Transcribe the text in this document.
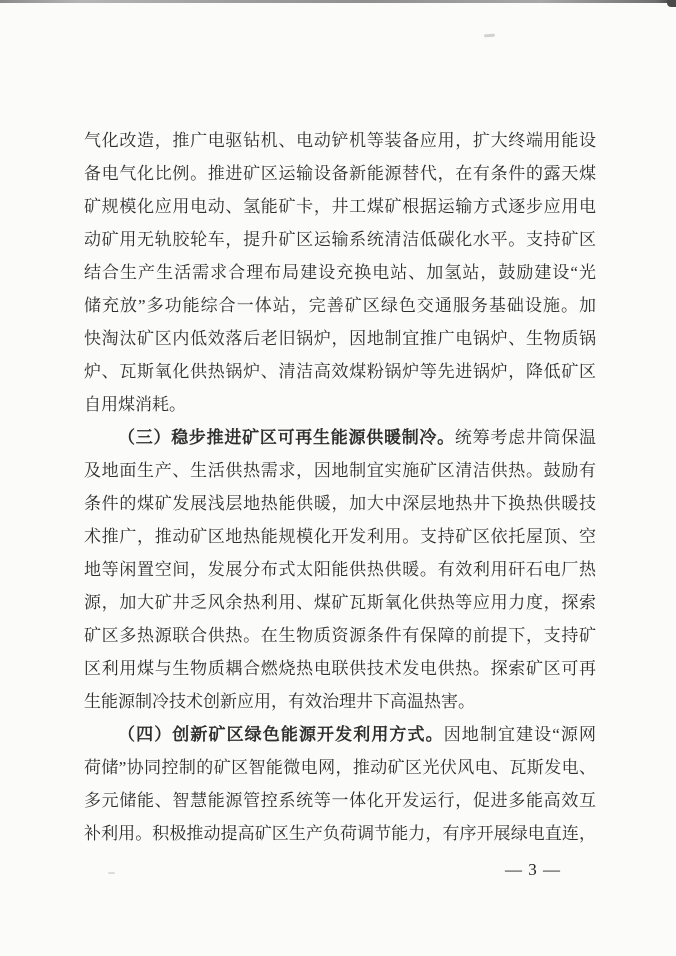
气化改造，推广电驱钻机、电动铲机等装备应用，扩大终端用能设
备电气化比例。推进矿区运输设备新能源替代，在有条件的露天煤
矿规模化应用电动、氢能矿卡，井工煤矿根据运输方式逐步应用电
动矿用无轨胶轮车，提升矿区运输系统清洁低碳化水平。支持矿区
结合生产生活需求合理布局建设充换电站、加氢站，鼓励建设“光
储充放”多功能综合一体站，完善矿区绿色交通服务基础设施。加
快淘汰矿区内低效落后老旧锅炉，因地制宜推广电锅炉、生物质锅
炉、瓦斯氧化供热锅炉、清洁高效煤粉锅炉等先进锅炉，降低矿区
自用煤消耗。
（三）稳步推进矿区可再生能源供暖制冷。统筹考虑井筒保温
及地面生产、生活供热需求，因地制宜实施矿区清洁供热。鼓励有
条件的煤矿发展浅层地热能供暖，加大中深层地热井下换热供暖技
术推广，推动矿区地热能规模化开发利用。支持矿区依托屋顶、空
地等闲置空间，发展分布式太阳能供热供暖。有效利用矸石电厂热
源，加大矿井乏风余热利用、煤矿瓦斯氧化供热等应用力度，探索
矿区多热源联合供热。在生物质资源条件有保障的前提下，支持矿
区利用煤与生物质耦合燃烧热电联供技术发电供热。探索矿区可再
生能源制冷技术创新应用，有效治理井下高温热害。
（四）创新矿区绿色能源开发利用方式。因地制宜建设“源网
荷储”协同控制的矿区智能微电网，推动矿区光伏风电、瓦斯发电、
多元储能、智慧能源管控系统等一体化开发运行，促进多能高效互
补利用。积极推动提高矿区生产负荷调节能力，有序开展绿电直连，
— 3 —
